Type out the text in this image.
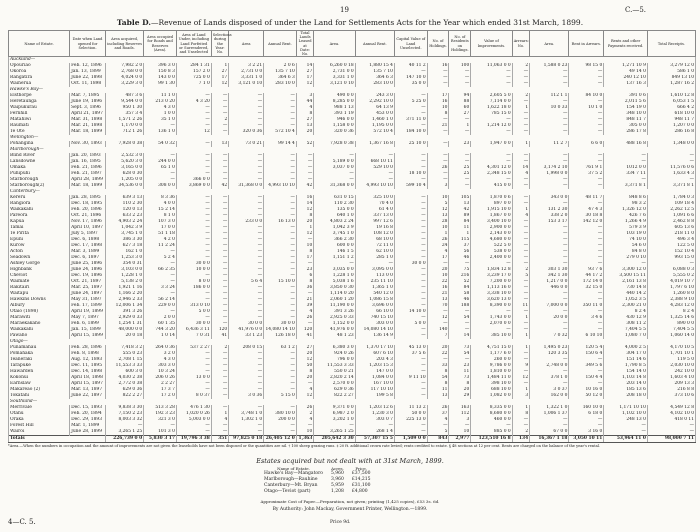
19	C.—5.
Table D.—Revenue of Lands disposed of under the Land for Settlements Acts for the Year which ended 31st March, 1899.
Name of Estate.	Date when Land opened for Selection.	Area acquired, including Reserves and Roads.	Area occupied for Roads and Reserves (Area).	Area of Land Under, including Land Forfeited or Surrendered, and Unselected	Selections during the Year: No.	Area	Annual Rent.	Total Lands Leased at Date: No.	Area.	Annual Rent.	Capital Value of Land Unselected.	No. of Holdings.	No. of Residents on Holdings.	Value of Improvements.	Arrears: No.	Area.	Rent in Arrears.	Rents and other Payments received.	Total Receipts.
Auckland—																			
Opouriao	Feb. 12, 1896	7,982 2 0	396 3 0	284 1 31	1	3 2 21	2 0 6	14	6,260 0 18	1,880 15 4	40 11 2	16	100	11,063 0 0	2	1,588 0 23	98 15 0	1,271 10 9	3,279 12 0
Okoroa	Jan. 13, 1899	2,768 0 0	150 8 3	157 2 0	27	2,731 0 0	135 7 10	27	2,731 0 0	135 7 10	—	—	—	—	—	—	—	49 14 0	586 1 0
Rangatira	June 22, 1898	4,024 0 0	143 0 0	725 0 0	17	3,331 1 0	364 6 3	17	3,331 1 0	364 6 3	147 10 0	—	—	—	—	—	—	240 12 10	849 13 10
Waiherua	Oct. 11, 1898	3,229 3 0	99 1 30	7 1 0	12	3,121 0 10	283 10 0	12	3,121 0 10	283 10 0	35 0 0	—	—	—	—	—	—	137 16 3	1,287 16 2
Hawke's Bay—																			
Elsthorpe	Mar. 7, 1895	487 3 6	11 1 0	—	—	—	—	3	490 0 0	243 3 0	—	17	94	2,605 5 0	2	112 1 1	84 10 0	391 0 6	1,610 12 8
Heretaunga	June 19, 1896	9,544 0 0	213 0 20	4 3 20	—	—	—	44	8,285 0 0	2,292 10 0	5 25 0	16	88	7,114 0 0	—	—	—	2,011 5 6	6,053 1 5
Waipukurau	Sept. 3, 1896	950 1 30	4 3 0	—	—	—	—	4	988 1 13	64 13 9	—	10	60	1,622 18 0	1	10 0 33	10 1 0	154 19 0	666 4 2
Fernhill	April 21, 1897	357 3 4	1 0 0	—	—	—	—	8	393 1 19	453 0 0	—	8	27	785 15 0	—	—	—	348 10 0	618 10 0
Matahiwi	Mar. 31, 1898	1,571 2 26	35 1 0	—	2	—	—	27	946 0 0	1,460 1 0	371 11 0	—	—	—	—	—	—	848 11 7	948 11 7
Raumati	Mar. 21, 1898	1,170 0 0	—	—	—	—	—	13	1,158 0 0	1,195 0 0	—	21	1	1,214 12 0	—	—	—	305 0 0	1,207 0 0
Te Ote	Mar. 18, 1899	712 1 26	136 1 0	12	—	320 0 36	572 10 4	20	320 0 36	572 10 4	184 10 0	—	—	—	—	—	—	286 17 8	286 16 8
Wellington—																			
Pohangina	Nov. 30, 1893	7,928 0 38	54 0 32	—	13	73 0 21	99 14 4	52	7,928 0 38	1,367 16 8	25 10 0	—	23	1,947 0 0	1	11 2 7	6 6 0	488 16 8	1,348 0 0
Marlborough—																			
Blind River	Jan. 20, 1893	2,532 3 0	—	—	—	—	—	—	—	—	—	—	—	—	—	—	—	—	—
Lansdowne	Jan. 16, 1895	5,620 3 0	244 0 0	—	—	—	—	—	5,189 0 0	668 10 11	—	—	—	—	—	—	—	—	—
Omaka	Feb. 21, 1896	3,165 0 0	65 1 0	—	—	—	—	—	3,037 0 0	529 10 0	—	26	25	4,301 12 0	14	3,174 2 10	761 9 1	1012 0 0	11,576 0 6
Puhipuhi	Feb. 21, 1897	628 0 30	—	—	—	—	—	—	—	—	18 10 0	—	25	2,348 15 0	4	1,998 0 0	37 5 2	334 7 11	1,633 4 3
Starborough	April 28, 1899	1,205 0 0	—	366 0 0	—	—	—	—	—	—	—	—	—	—	—	—	—	—	—
Starborough(2)	Mar. 18, 1899	34,536 0 0	308 0 0	3,869 0 0	42	31,368 0 0	4,993 10 10	42	31,368 0 0	4,993 10 10	599 10 4	3	—	415 0 0	—	—	—	3,371 8 1	3,371 8 1
Canterbury—																			
Kereru	Jan. 28, 1895	639 3 13	8 3 36	—	—	—	—	16	631 0 15	325 10 0	—	10	105	1,870 0 6	—	343 0 0	48 11 7	848 8 6	1,784 0 3
Rangiora	Dec. 18, 1895	110 2 30	4 0 0	—	—	—	—	14	110 2 30	70 4 0	—	5	13	897 0 0	—	—	—	98 3 2	109 18 4
Waikakahi	Feb. 20, 1896	120 0 13	15 2 14	—	—	—	—	12	135 0 0	61 4 0	—	12	42	1,915 10 0	1	131 2 30	47 4 3	1,326 12 0	2,262 12 5
Pareora	Oct. 21, 1896	633 2 23	8 1 0	—	—	—	—	8	640 1 0	337 13 0	—	13	89	1,867 0 0	4	338 2 0	30 18 8	426 7 6	1,091 6 6
Kapua	Nov. 17, 1896	4,903 2 24	107 3 0	—	—	233 0 0	16 13 0	20	4,803 2 24	997 12 6	—	28	84	3,400 10 0	—	153 3 17	142 12 0	1,266 4 9	2,462 8 8
Tamai	April 10, 1897	1,042 3 9	17 0 0	—	—	—	—	1	1,042 3 9	19 16 8	—	10	11	2,900 0 0	—	—	—	579 3 9	605 13 6
Te Pirita	July 5, 1897	3,745 1 0	51 1 18	—	—	—	—	12	3,745 1 0	108 12 0	—	1	1	2,143 0 0	—	—	—	103 19 0	218 11 0
Epuni	Dec. 6, 1898	386 3 30	4 2 0	—	—	—	—	—	366 2 30	68 10 0	—	26	115	4,680 0 0	—	—	—	74 10 0	496 3 4
Kurow	Dec. 17, 1898	627 3 18	11 2 24	—	—	—	—	10	600 0 0	72 11 0	—	24	37	522 5 0	—	—	—	54 6 0	122 5 0
Acton	Mar. 3, 1899	162 1 0	—	—	—	—	—	8	146 1 5	62 10 0	—	4	56	538 0 0	—	—	—	84 8 0	152 10 4
Seadown	Dec. 6, 1897	1,253 3 0	5 2 4	—	—	—	—	17	1,151 1 2	285 1 0	—	17	46	2,400 0 0	—	—	—	279 0 10	993 15 0
Ashley Gorge	June 25, 1896	354 0 31	—	30 0 0	—	—	—	—	—	—	30 0 0	—	—	—	—	—	—	—	—
Highbank	June 24, 1896	3,103 0 0	66 2 35	10 0 0	—	—	—	23	3,035 0 0	3,095 0 0	—	20	75	1,834 12 8	2	303 1 30	93 7 6	3,300 12 0	6,088 0 3
Cheviot	Dec. 19, 1896	1,228 1 0	—	—	—	—	—	6	1,228 1 0	113 0 0	—	10	216	3,239 17 0	5	342 1 30	44 17 2	3,500 15 11	5,555 0 2
Waimate	Oct. 21, 1897	5,138 2 0	—	8 0 0	—	5 6 4	15 10 0	8	5,038 1 6	235 11 10	—	22	52	7,200 0 0	—	1,217 0 0	172 14 0	2,161 13 8	4,019 10 7
Rakitairi	Mar. 25, 1897	1,921 1 16	3 3 24	186 0 0	—	—	—	36	3,850 0 30	1,365 1 0	—	16	84	1,113 16 0	—	446 0 0	32 15 0	730 14 8	1,797 6 10
Waitapu	June 24, 1897	1,166 2 20	—	—	—	—	—	—	1,114 0 20	540 12 0	—	21	58	3,338 10 0	—	—	—	440 14 2	1,260 8 0
Hawkins Downs	May 31, 1897	2,946 2 33	56 2 14	—	—	—	—	21	2,060 1 20	1,086 15 8	—	13	46	3,620 13 0	—	—	—	1,052 3 5	2,388 9 10
Albury	Feb. 17, 1899	12,006 1 34	229 0 0	313 0 10	—	—	—	39	11,190 0 0	3,696 0 0	—	70	188	8,390 0 0	11	7,000 0 0	350 11 0	2,300 21 0	4,283 12 0
Otaio (1898)	April 19, 1899	391 3 26	—	5 0 0	—	—	—	4	391 3 26	66 10 0	14 10 0	—	—	—	—	—	—	8 2 4	8 2 4
Marawiti	May 7, 1897	2,929 0 33	2 0 0	—	—	—	—	26	2,925 0 33	740 15 10	—	12	54	1,743 0 0	1	20 0 0	3 4 6	430 12 9	1,325 14 6
Maraekakaho	Feb. 6, 1899	1,254 1 31	60 1 35	30 0 0	—	30 0 0	30 0 0	—	1,152 0 0	303 0 0	5 0 0	—	—	2,070 0 0	—	—	—	308 11 2	890 0 0
Waikakahi	Jan. 15, 1899	48,000 0 0	744 3 20	6,436 3 11	120	41,976 0 0	14,080 14 10	120	41,976 0 0	14,080 14 10	—	140	—	—	—	—	—	7,404 5 5	7,404 5 5
Pawaho	April 15, 1899	20 0 18	1 0 14	7 0 31	41	33 1 23	126 18 0	41	48 1 23	136 14 9	—	7	14	385 10 0	1	7 0 32	6 10 10	1,080 7 0	1,060 14 0
Otago—																			
Punamahau	Feb. 28, 1896	7,418 3 2	264 0 36	537 2 27	2	208 0 15	63 1 2	27	6,380 3 0	1,370 17 10	45 13 0	20	73	4,751 15 0	1	1,495 0 23	120 5 4	4,000 2 5	4,170 10 5
Pomahaka	Feb. 8, 1898	555 0 23	3 2 0	—	—	—	—	20	924 0 26	607 6 10	37 5 6	22	54	1,177 6 0	—	120 3 35	150 6 4	304 17 0	1,701 10 1
Teaneraki	Aug. 12, 1893	2,708 1 15	4 3 0	—	—	—	—	12	796 0 0	203 4 3	—	—	—	260 0 0	—	—	—	151 14 6	119 5 0
Tarapuke	Dec. 11, 1895	11,553 3 33	303 3 0	—	—	—	—	50	11,553 3 33	1,203 15 3	—	33	23	9,786 0 0	9	2,748 0 0	349 5 6	1,790 8 5	2,030 10 0
Hawarden	Dec. 14, 1898	600 3 0	10 3 24	—	—	—	—	8	550 0 21	147 0 0	—	8	11	1,810 0 0	—	—	—	154 14 0	242 10 0
Kokonui	April 18, 1898	4,030 2 38	206 0 26	13 0 0	—	—	—	20	2,820 2 14	1,084 0 0	9 11 10	54	73	1,484 11 0	12	378 1 0	150 4 4	1,103 14 8	1,603 4 10
Earnslaw	April 15, 1897	2,772 0 38	2 2 27	—	—	—	—	—	2,570 0 0	167 10 0	—	8	8	398 10 0	—	—	—	203 14 0	209 13 3
Makareao (2)	Mar. 13, 1897	629 0 36	17 3 7	—	—	—	—	4	629 0 36	117 10 10	—	11	20	688 10 0	1	3 0 37	10 16 0	185 13 6	216 8 8
Tokatahi	June 22, 1897	822 2 27	17 2 0	8 0 37	—	3 0 36	5 15 0	12	822 2 27	199 5 8	—	13	29	1,082 0 0	3	162 0 0	50 12 0	208 18 0	373 10 6
Southland—																			
Merrivale	Dec. 15, 1893	9,838 3 30	513 3 28	476 1 30	—	—	—	26	9,371 0 0	1,203 12 6	11 13 2	26	163	8,335 0 0	1	1,322 1 0	160 10 0	1,171 10 10	4,549 12 8
Otahu	Feb. 20, 1894	7,150 2 23	192 3 23	1,020 0 26	1	3,748 1 0	380 10 0	2	6,987 2 0	1,230 3 0	50 0 0	37	112	8,680 0 0	8	1,006 1 37	6 18 0	1,102 10 0	4,102 10 0
Oraka	Dec. 29, 1893	8,003 3 32	321 3 0	5,003 0 0	4	1,302 1 0	200 0 0	4	3,202 1 0	303 0 7	225 13 0	4	3	460 0 0	—	—	—	248 13 0	418 0 11
Forest Hill	Mar. 1, 1899	—	—	—	—	—	—	—	—	—	—	—	—	—	—	—	—	—	—
Wairoi	June 28, 1899	3,265 1 25	101 3 0	—	—	—	—	10	3,265 1 25	268 1 4	—	5	10	885 0 0	2	67 0 0	3 16 0	—	—
Totals		226,739 0 0	5,830 3 17	19,796 3 38	351	97,825 0 18	26,405 12 0	1,363	205,642 3 30	57,307 15 5	1,509 0 0	843	2,977	123,510 16 8	134	16,367 1 18	3,050 10 11	53,964 11 0	98,000 7 11
*Area.—When the numbers in occupation and the amount of improvements are not given the leaseholds have not been disposed or the quantities are nil. † 100 sheep grazing runs. ‡ 20 ft. additional crown rate levied; rents credited to estate. § 48 sections at 12 per cent. Rents are charged on the balance of the year's rental.
Estates acquired but not dealt with at 31st March, 1899.
Name of Estate.	Acres.	Price.
Hawke's Bay—Mangatoro	5,960	£37,500
Marlborough—Rauhine	3,960	£14,215
Canterbury—Mt. Bryan	5,959	£31,100
Otago—Teviot (part)	1,208	£4,800
Approximate Cost of Paper.—Preparation, not given; printing (1,425 copies), £53 3s. 6d.
By Authority: John Mackay, Government Printer, Wellington.—1899.
4—C. 5.	Price 9d.
